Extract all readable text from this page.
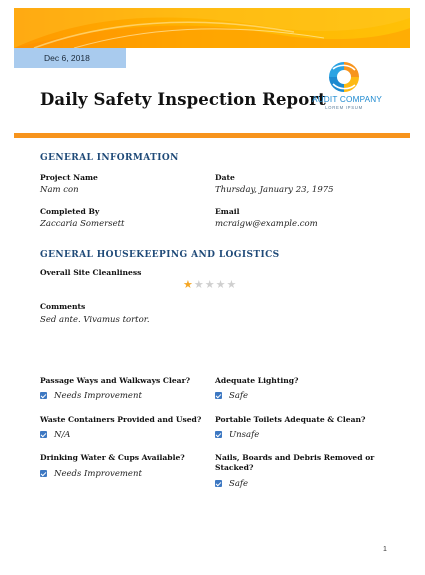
Dec 6, 2018
Daily Safety Inspection Report
AUDIT COMPANY
LOREM IPSUM
GENERAL INFORMATION
Project Name
Nam con
Date
Thursday, January 23, 1975
Completed By
Zaccaria Somersett
Email
mcraigw@example.com
GENERAL HOUSEKEEPING AND LOGISTICS
Overall Site Cleanliness
★ ★ ★ ★ ★
Comments
Sed ante. Vivamus tortor.
Passage Ways and Walkways Clear?
Needs Improvement
Adequate Lighting?
Safe
Waste Containers Provided and Used?
N/A
Portable Toilets Adequate & Clean?
Unsafe
Drinking Water & Cups Available?
Needs Improvement
Nails, Boards and Debris Removed or Stacked?
Safe
1
